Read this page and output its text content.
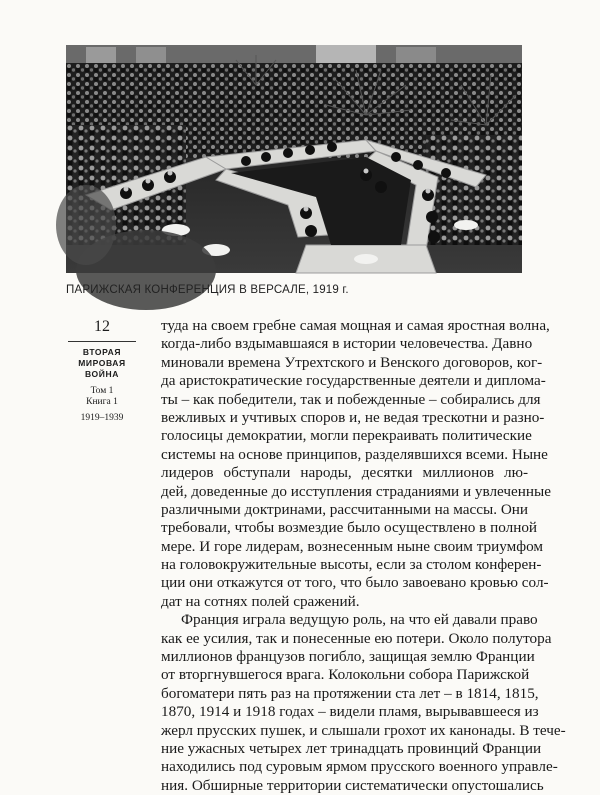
ПАРИЖСКАЯ КОНФЕРЕНЦИЯ В ВЕРСАЛЕ, 1919 г.
12
ВТОРАЯ
МИРОВАЯ
ВОЙНА
Том 1
Книга 1
1919–1939
туда на своем гребне самая мощная и самая яростная волна,
когда-либо вздымавшаяся в истории человечества. Давно
миновали времена Утрехтского и Венского договоров, ког-
да аристократические государственные деятели и диплома-
ты – как победители, так и побежденные – собирались для
вежливых и учтивых споров и, не ведая трескотни и разно-
голосицы демократии, могли перекраивать политические
системы на основе принципов, разделявшихся всеми. Ныне
лидеров обступали народы, десятки миллионов лю-
дей, доведенные до исступления страданиями и увлеченные
различными доктринами, рассчитанными на массы. Они
требовали, чтобы возмездие было осуществлено в полной
мере. И горе лидерам, вознесенным ныне своим триумфом
на головокружительные высоты, если за столом конферен-
ции они откажутся от того, что было завоевано кровью сол-
дат на сотнях полей сражений.
Франция играла ведущую роль, на что ей давали право
как ее усилия, так и понесенные ею потери. Около полутора
миллионов французов погибло, защищая землю Франции
от вторгнувшегося врага. Колокольни собора Парижской
богоматери пять раз на протяжении ста лет – в 1814, 1815,
1870, 1914 и 1918 годах – видели пламя, вырывавшееся из
жерл прусских пушек, и слышали грохот их канонады. В тече-
ние ужасных четырех лет тринадцать провинций Франции
находились под суровым ярмом прусского военного управле-
ния. Обширные территории систематически опустошались
